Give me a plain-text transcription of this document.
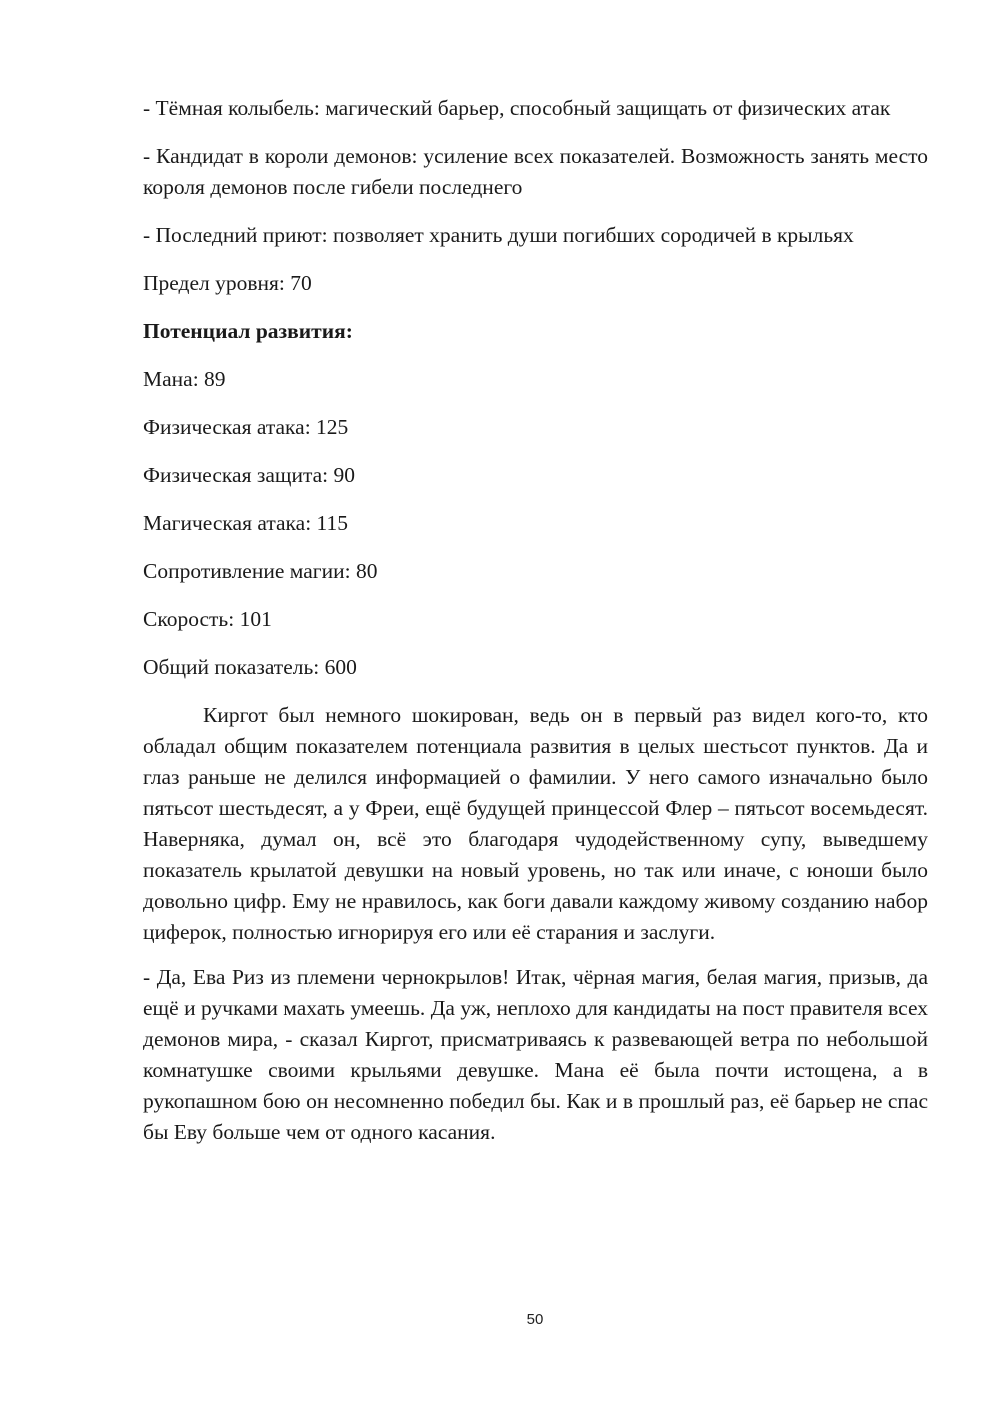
- Тёмная колыбель: магический барьер, способный защищать от физических атак

- Кандидат в короли демонов: усиление всех показателей. Возможность занять место короля демонов после гибели последнего

- Последний приют: позволяет хранить души погибших сородичей в крыльях

Предел уровня: 70

Потенциал развития:

Мана: 89

Физическая атака: 125

Физическая защита: 90

Магическая атака: 115

Сопротивление магии: 80

Скорость: 101

Общий показатель: 600

Киргот был немного шокирован, ведь он в первый раз видел кого-то, кто обладал общим показателем потенциала развития в целых шестьсот пунктов. Да и глаз раньше не делился информацией о фамилии. У него самого изначально было пятьсот шестьдесят, а у Фреи, ещё будущей принцессой Флер – пятьсот восемьдесят. Наверняка, думал он, всё это благодаря чудодейственному супу, выведшему показатель крылатой девушки на новый уровень, но так или иначе, с юноши было довольно цифр. Ему не нравилось, как боги давали каждому живому созданию набор циферок, полностью игнорируя его или её старания и заслуги.

- Да, Ева Риз из племени чернокрылов! Итак, чёрная магия, белая магия, призыв, да ещё и ручками махать умеешь. Да уж, неплохо для кандидаты на пост правителя всех демонов мира, - сказал Киргот, присматриваясь к развевающей ветра по небольшой комнатушке своими крыльями девушке. Мана её была почти истощена, а в рукопашном бою он несомненно победил бы. Как и в прошлый раз, её барьер не спас бы Еву больше чем от одного касания.

50
